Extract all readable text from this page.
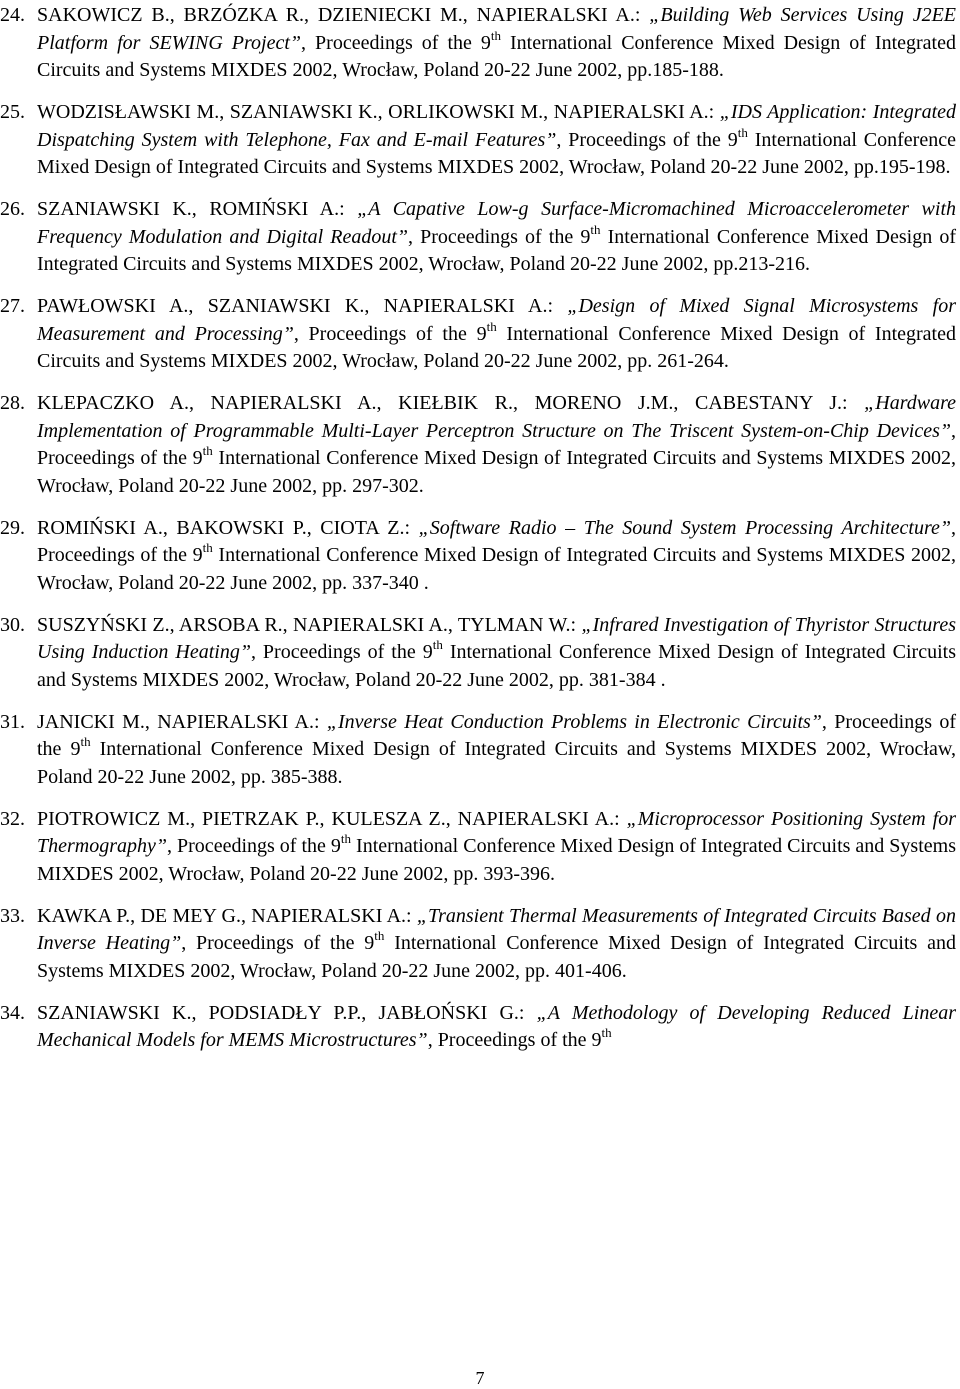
24. SAKOWICZ B., BRZÓZKA R., DZIENIECKI M., NAPIERALSKI A.: „Building Web Services Using J2EE Platform for SEWING Project”, Proceedings of the 9th International Conference Mixed Design of Integrated Circuits and Systems MIXDES 2002, Wrocław, Poland 20-22 June 2002, pp.185-188.
25. WODZISŁAWSKI M., SZANIAWSKI K., ORLIKOWSKI M., NAPIERALSKI A.: „IDS Application: Integrated Dispatching System with Telephone, Fax and E-mail Features”, Proceedings of the 9th International Conference Mixed Design of Integrated Circuits and Systems MIXDES 2002, Wrocław, Poland 20-22 June 2002, pp.195-198.
26. SZANIAWSKI K., ROMIŃSKI A.: „A Capative Low-g Surface-Micromachined Microaccelerometer with Frequency Modulation and Digital Readout”, Proceedings of the 9th International Conference Mixed Design of Integrated Circuits and Systems MIXDES 2002, Wrocław, Poland 20-22 June 2002, pp.213-216.
27. PAWŁOWSKI A., SZANIAWSKI K., NAPIERALSKI A.: „Design of Mixed Signal Microsystems for Measurement and Processing”, Proceedings of the 9th International Conference Mixed Design of Integrated Circuits and Systems MIXDES 2002, Wrocław, Poland 20-22 June 2002, pp. 261-264.
28. KLEPACZKO A., NAPIERALSKI A., KIEŁBIK R., MORENO J.M., CABESTANY J.: „Hardware Implementation of Programmable Multi-Layer Perceptron Structure on The Triscent System-on-Chip Devices”, Proceedings of the 9th International Conference Mixed Design of Integrated Circuits and Systems MIXDES 2002, Wrocław, Poland 20-22 June 2002, pp. 297-302.
29. ROMIŃSKI A., BAKOWSKI P., CIOTA Z.: „Software Radio – The Sound System Processing Architecture”, Proceedings of the 9th International Conference Mixed Design of Integrated Circuits and Systems MIXDES 2002, Wrocław, Poland 20-22 June 2002, pp. 337-340 .
30. SUSZYŃSKI Z., ARSOBA R., NAPIERALSKI A., TYLMAN W.: „Infrared Investigation of Thyristor Structures Using Induction Heating”, Proceedings of the 9th International Conference Mixed Design of Integrated Circuits and Systems MIXDES 2002, Wrocław, Poland 20-22 June 2002, pp. 381-384 .
31. JANICKI M., NAPIERALSKI A.: „Inverse Heat Conduction Problems in Electronic Circuits”, Proceedings of the 9th International Conference Mixed Design of Integrated Circuits and Systems MIXDES 2002, Wrocław, Poland 20-22 June 2002, pp. 385-388.
32. PIOTROWICZ M., PIETRZAK P., KULESZA Z., NAPIERALSKI A.: „Microprocessor Positioning System for Thermography”, Proceedings of the 9th International Conference Mixed Design of Integrated Circuits and Systems MIXDES 2002, Wrocław, Poland 20-22 June 2002, pp. 393-396.
33. KAWKA P., DE MEY G., NAPIERALSKI A.: „Transient Thermal Measurements of Integrated Circuits Based on Inverse Heating”, Proceedings of the 9th International Conference Mixed Design of Integrated Circuits and Systems MIXDES 2002, Wrocław, Poland 20-22 June 2002, pp. 401-406.
34. SZANIAWSKI K., PODSIADŁY P.P., JABŁOŃSKI G.: „A Methodology of Developing Reduced Linear Mechanical Models for MEMS Microstructures”, Proceedings of the 9th
7
